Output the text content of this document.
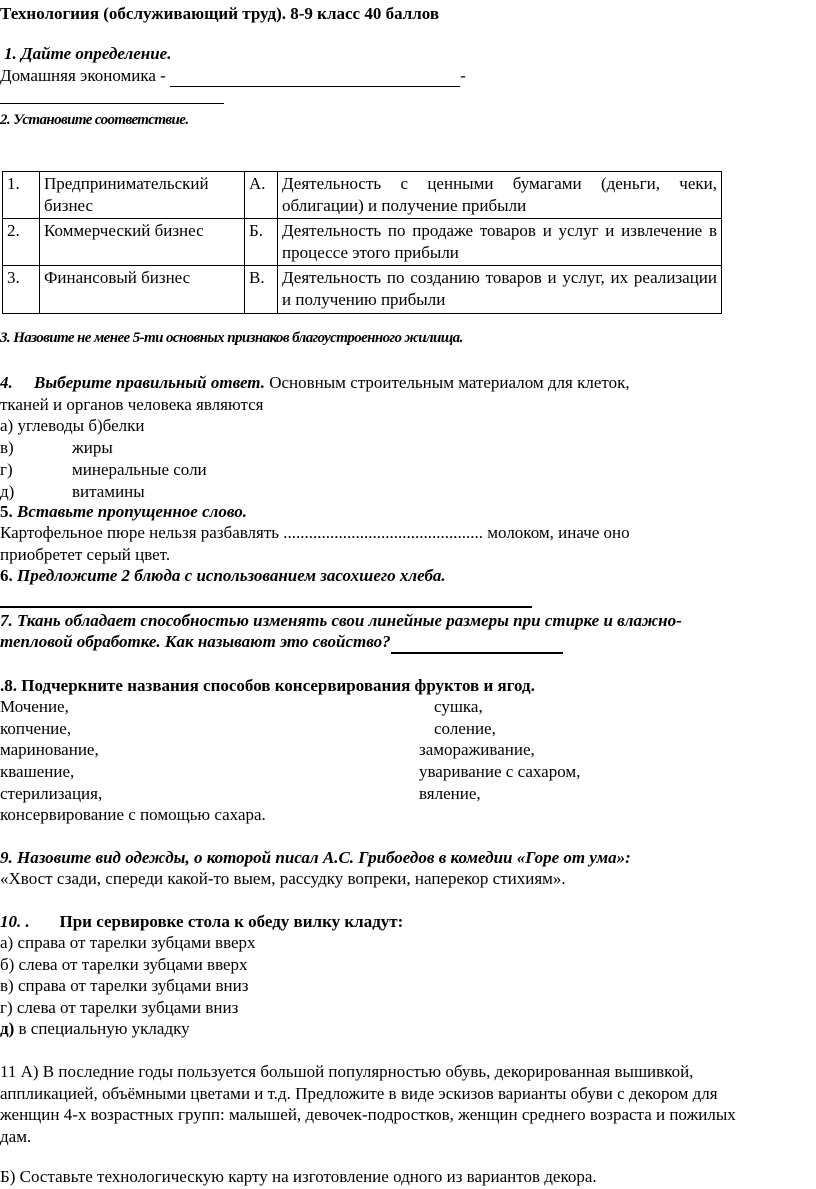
Технологиия (обслуживающий труд). 8-9 класс 40 баллов
1. Дайте определение.
Домашняя экономика -	-
2. Установите соответствие.
1.	Предпринимательский бизнес	А.	Деятельность с ценными бумагами (деньги, чеки, облигации) и получение прибыли
2.	Коммерческий бизнес	Б.	Деятельность по продаже товаров и услуг и извлечение в процессе этого прибыли
3.	Финансовый бизнес	В.	Деятельность по созданию товаров и услуг, их реализации и получению прибыли
3. Назовите не менее 5-ти основных признаков благоустроенного жилища.
4. Выберите правильный ответ. Основным строительным материалом для клеток,
тканей и органов человека являются
а) углеводы б)белки
в)	жиры
г)	минеральные соли
д)	витамины
5. Вставьте пропущенное слово.
Картофельное пюре нельзя разбавлять ............................................... молоком, иначе оно
приобретет серый цвет.
6. Предложите 2 блюда с использованием засохшего хлеба.
7. Ткань обладает способностью изменять свои линейные размеры при стирке и влажно-
тепловой обработке. Как называют это свойство?
.8. Подчеркните названия способов консервирования фруктов и ягод.
Мочение,
копчение,
маринование,
квашение,
стерилизация,
консервирование с помощью сахара.
сушка,
соление,
замораживание,
уваривание с сахаром,
вяление,
9. Назовите вид одежды, о которой писал А.С. Грибоедов в комедии «Горе от ума»:
«Хвост сзади, спереди какой-то выем, рассудку вопреки, наперекор стихиям».
10. . При сервировке стола к обеду вилку кладут:
а) справа от тарелки зубцами вверх
б) слева от тарелки зубцами вверх
в) справа от тарелки зубцами вниз
г) слева от тарелки зубцами вниз
д) в специальную укладку
11 А) В последние годы пользуется большой популярностью обувь, декорированная вышивкой,
аппликацией, объёмными цветами и т.д. Предложите в виде эскизов варианты обуви с декором для
женщин 4-х возрастных групп: малышей, девочек-подростков, женщин среднего возраста и пожилых
дам.
Б) Составьте технологическую карту на изготовление одного из вариантов декора.
